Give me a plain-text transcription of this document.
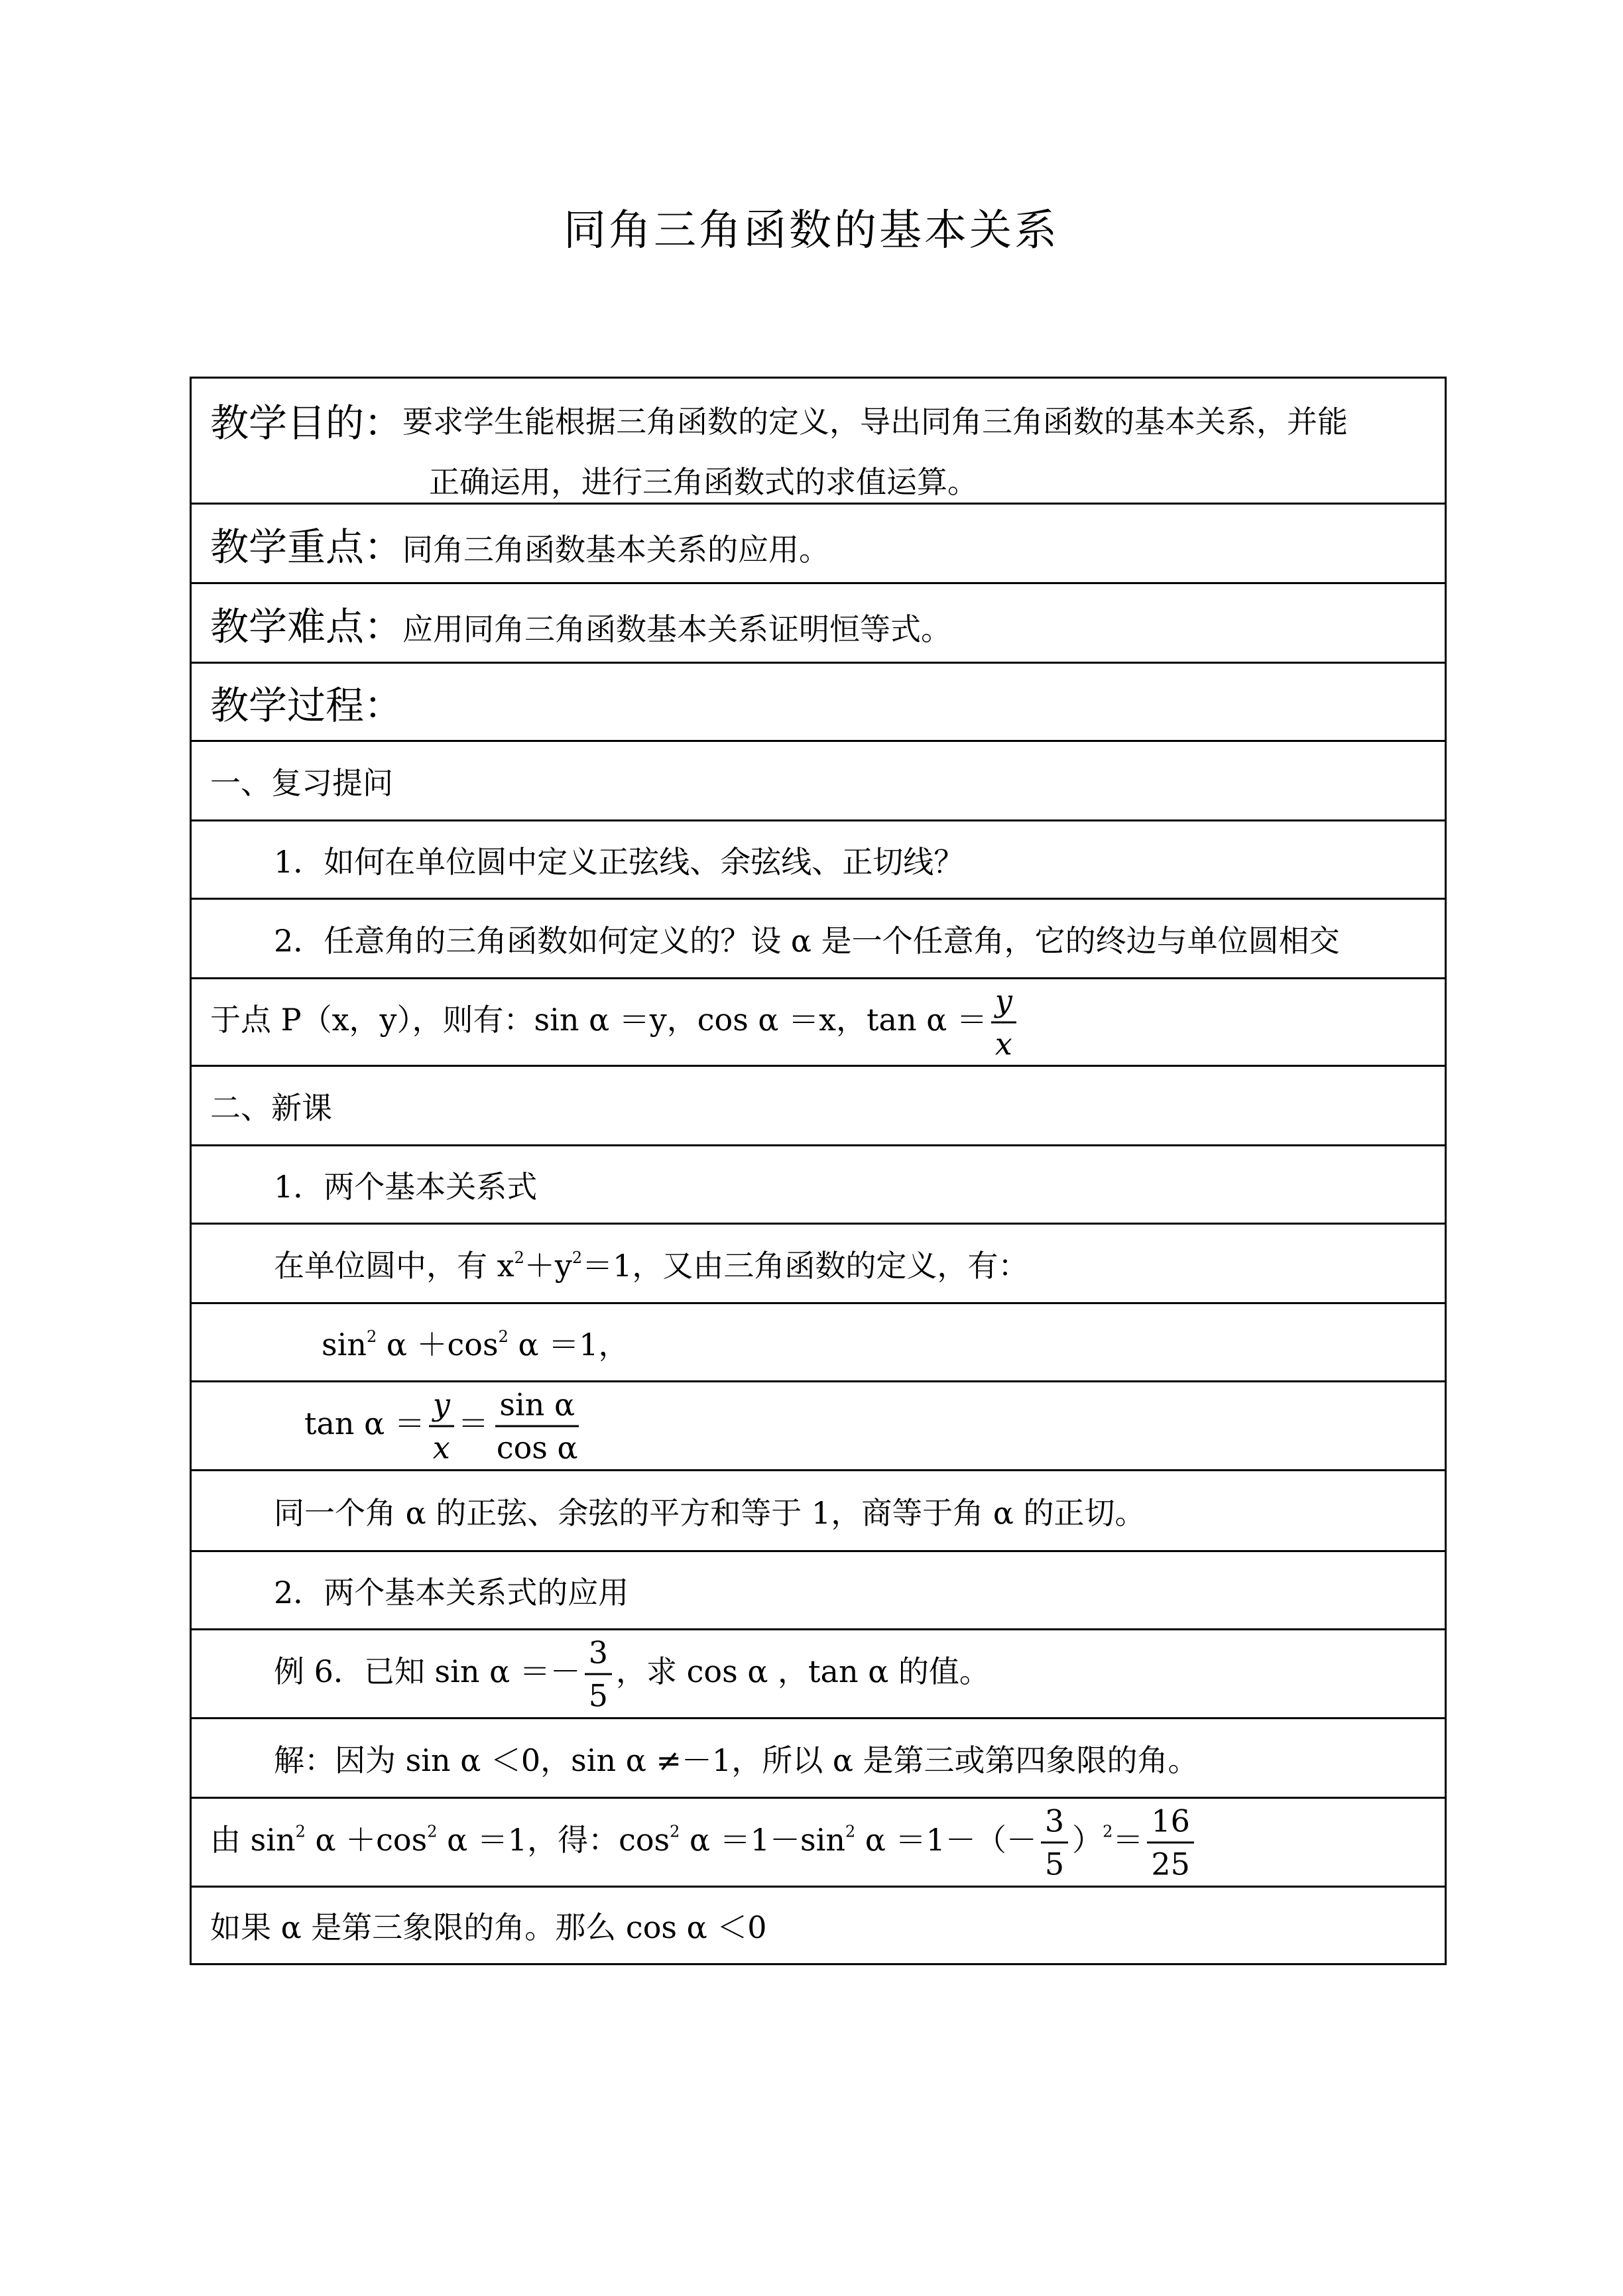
同角三角函数的基本关系
教学目的：要求学生能根据三角函数的定义，导出同角三角函数的基本关系，并能
正确运用，进行三角函数式的求值运算。
教学重点：同角三角函数基本关系的应用。
教学难点：应用同角三角函数基本关系证明恒等式。
教学过程：
一、复习提问
1．如何在单位圆中定义正弦线、余弦线、正切线？
2．任意角的三角函数如何定义的？设 α 是一个任意角，它的终边与单位圆相交
于点 P（x，y），则有：sin α ＝y，cos α ＝x，$\tan \alpha = \frac{y}{x}$
二、新课
1．两个基本关系式
在单位圆中，有 $x^2+y^2=1$，又由三角函数的定义，有：
$\sin^2 \alpha +\cos^2$ α ＝1，
$\tan \alpha = \frac{y}{x} = \frac{\text{sin α}}{\text{cos α}}$
同一个角 α 的正弦、余弦的平方和等于 1，商等于角 α 的正切。
2．两个基本关系式的应用
例 6．已知 $\sin \alpha =- \frac{3}{5}$ ，求 cos α ，tan α 的值。
解：因为 sin α ＜0，sin α ≠－1，所以 α 是第三或第四象限的角。
由 $\sin^2 \alpha +\cos^2$ α ＝1，得：$\cos^2 \alpha =1-\sin^2$ $\alpha =1-(- \frac{3}{5} )^2= \frac{16}{25}$
如果 α 是第三象限的角。那么 cos α ＜0
